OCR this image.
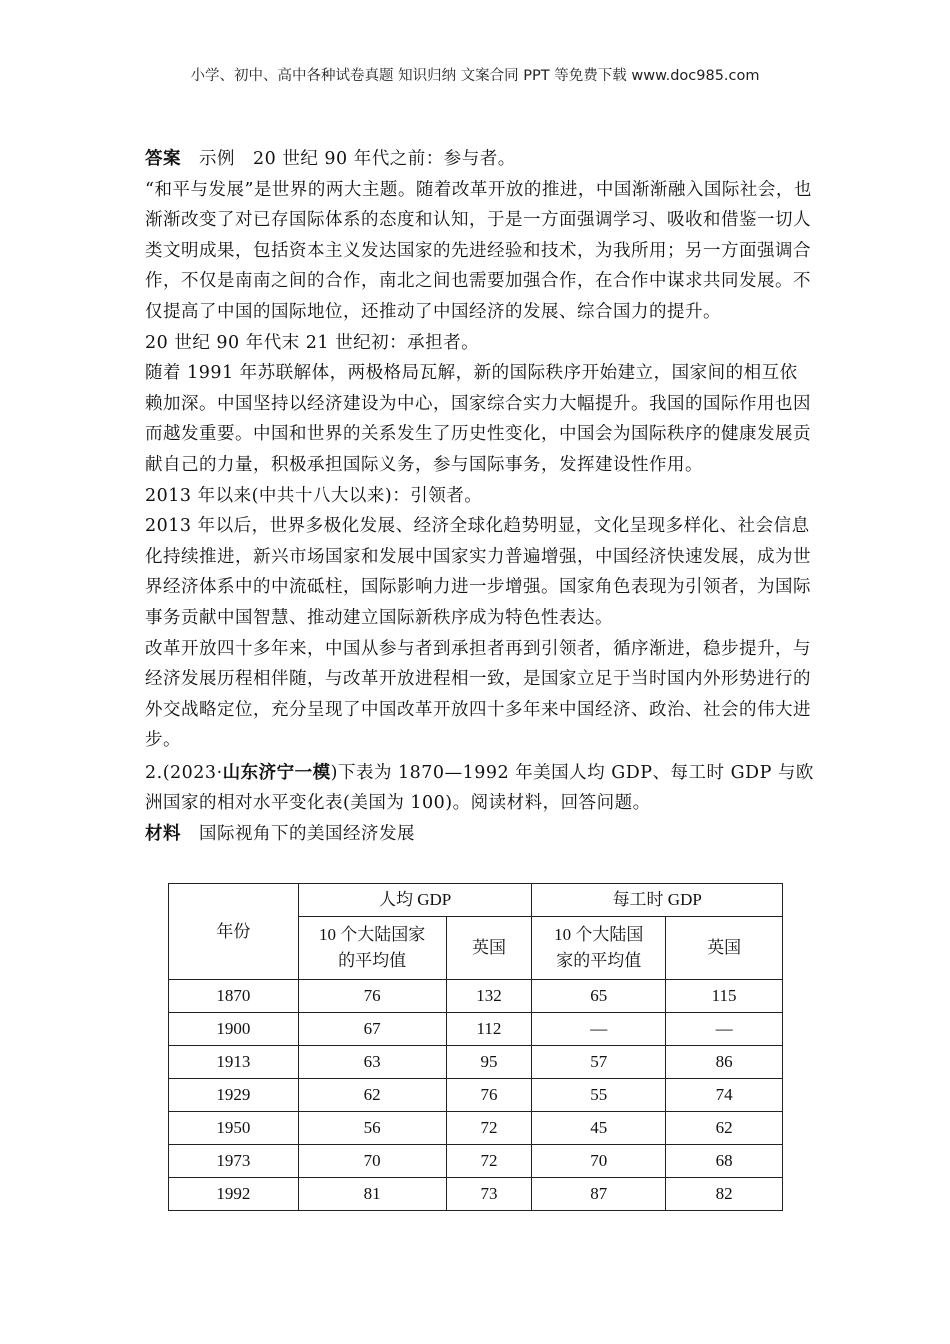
小学、初中、高中各种试卷真题 知识归纳 文案合同 PPT 等免费下载 www.doc985.com

答案 示例 20 世纪 90 年代之前：参与者。

“和平与发展”是世界的两大主题。随着改革开放的推进，中国渐渐融入国际社会，也渐渐改变了对已存国际体系的态度和认知，于是一方面强调学习、吸收和借鉴一切人类文明成果，包括资本主义发达国家的先进经验和技术，为我所用；另一方面强调合作，不仅是南南之间的合作，南北之间也需要加强合作，在合作中谋求共同发展。不仅提高了中国的国际地位，还推动了中国经济的发展、综合国力的提升。

20 世纪 90 年代末 21 世纪初：承担者。

随着 1991 年苏联解体，两极格局瓦解，新的国际秩序开始建立，国家间的相互依赖加深。中国坚持以经济建设为中心，国家综合实力大幅提升。我国的国际作用也因而越发重要。中国和世界的关系发生了历史性变化，中国会为国际秩序的健康发展贡献自己的力量，积极承担国际义务，参与国际事务，发挥建设性作用。

2013 年以来(中共十八大以来)：引领者。

2013 年以后，世界多极化发展、经济全球化趋势明显，文化呈现多样化、社会信息化持续推进，新兴市场国家和发展中国家实力普遍增强，中国经济快速发展，成为世界经济体系中的中流砥柱，国际影响力进一步增强。国家角色表现为引领者，为国际事务贡献中国智慧、推动建立国际新秩序成为特色性表达。

改革开放四十多年来，中国从参与者到承担者再到引领者，循序渐进，稳步提升，与经济发展历程相伴随，与改革开放进程相一致，是国家立足于当时国内外形势进行的外交战略定位，充分呈现了中国改革开放四十多年来中国经济、政治、社会的伟大进步。

2.(2023·山东济宁一模)下表为 1870—1992 年美国人均 GDP、每工时 GDP 与欧洲国家的相对水平变化表(美国为 100)。阅读材料，回答问题。

材料 国际视角下的美国经济发展

年份	人均 GDP		每工时 GDP	
	10 个大陆国家的平均值	英国	10 个大陆国家的平均值	英国
1870	76	132	65	115
1900	67	112	—	—
1913	63	95	57	86
1929	62	76	55	74
1950	56	72	45	62
1973	70	72	70	68
1992	81	73	87	82
